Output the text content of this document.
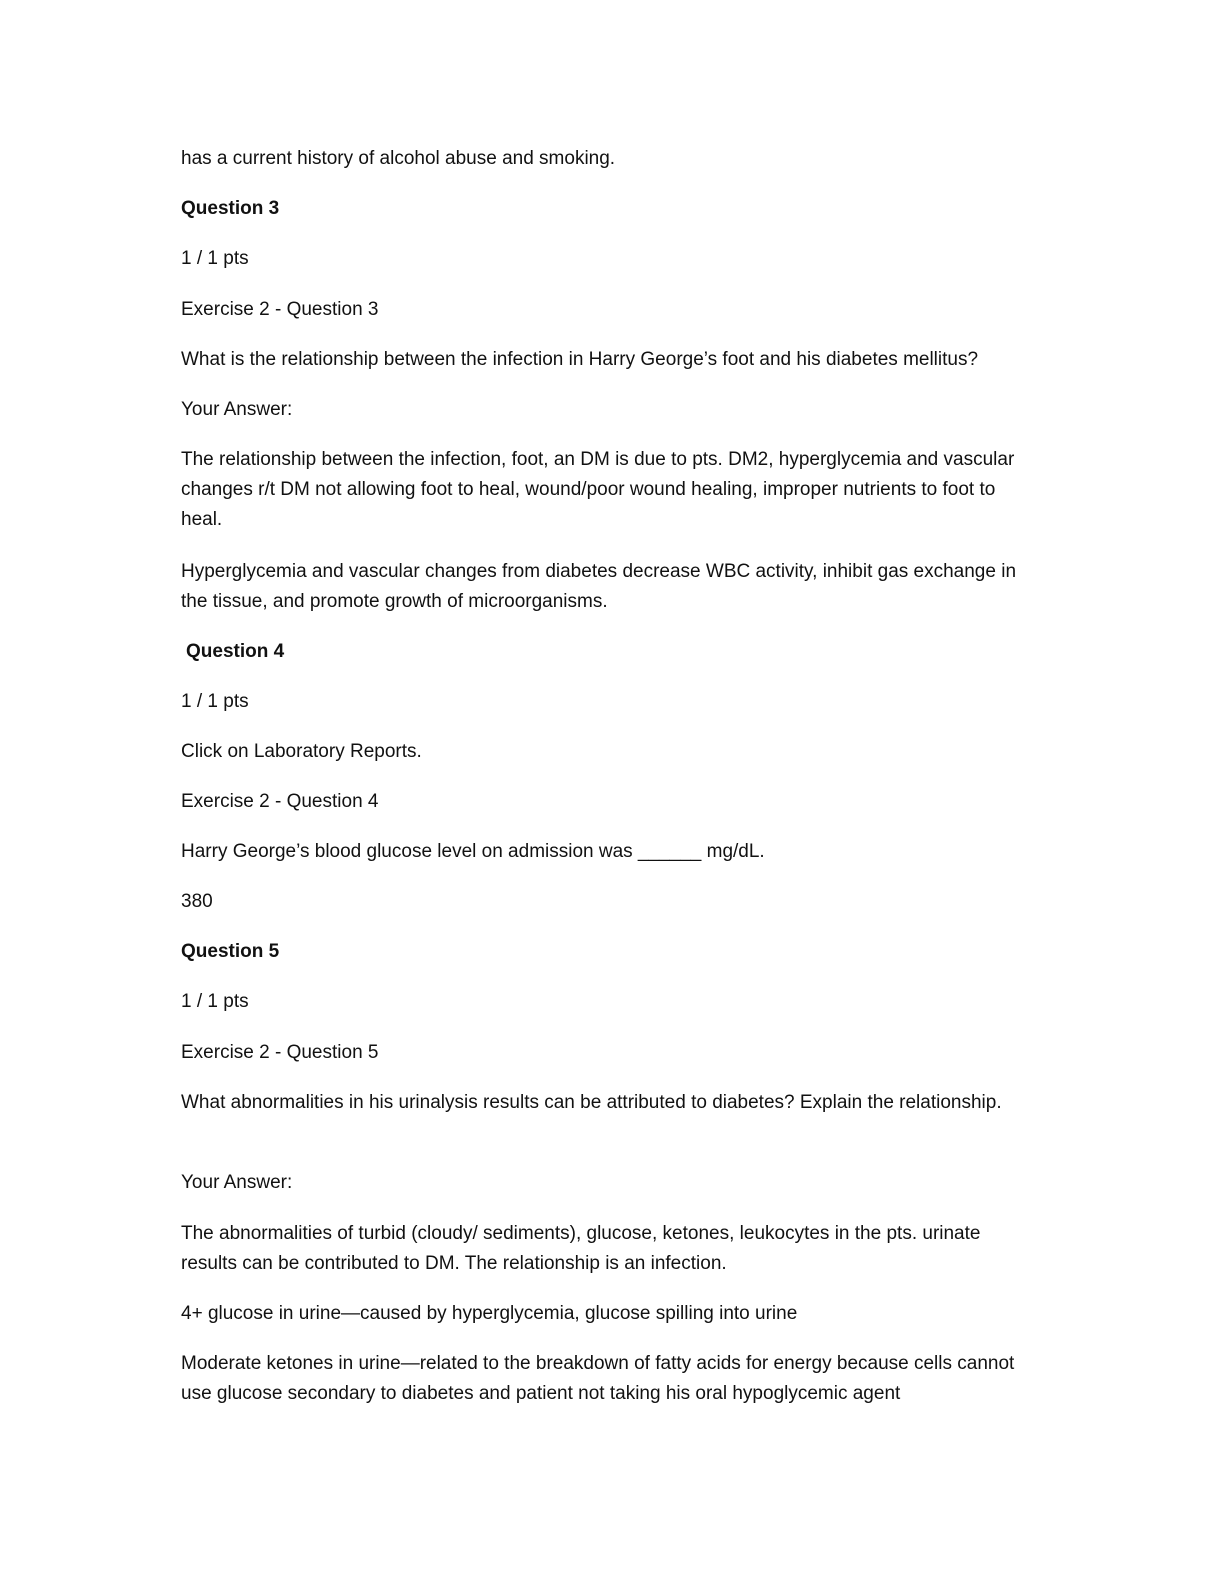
has a current history of alcohol abuse and smoking.

Question 3

1 / 1 pts

Exercise 2 - Question 3

What is the relationship between the infection in Harry George’s foot and his diabetes mellitus?

Your Answer:

The relationship between the infection, foot, an DM is due to pts. DM2, hyperglycemia and vascular changes r/t DM not allowing foot to heal, wound/poor wound healing, improper nutrients to foot to heal.

Hyperglycemia and vascular changes from diabetes decrease WBC activity, inhibit gas exchange in the tissue, and promote growth of microorganisms.

Question 4

1 / 1 pts

Click on Laboratory Reports.

Exercise 2 - Question 4

Harry George’s blood glucose level on admission was ______ mg/dL.

380

Question 5

1 / 1 pts

Exercise 2 - Question 5

What abnormalities in his urinalysis results can be attributed to diabetes? Explain the relationship.

Your Answer:

The abnormalities of turbid (cloudy/ sediments), glucose, ketones, leukocytes in the pts. urinate results can be contributed to DM. The relationship is an infection.

4+ glucose in urine—caused by hyperglycemia, glucose spilling into urine

Moderate ketones in urine—related to the breakdown of fatty acids for energy because cells cannot use glucose secondary to diabetes and patient not taking his oral hypoglycemic agent
